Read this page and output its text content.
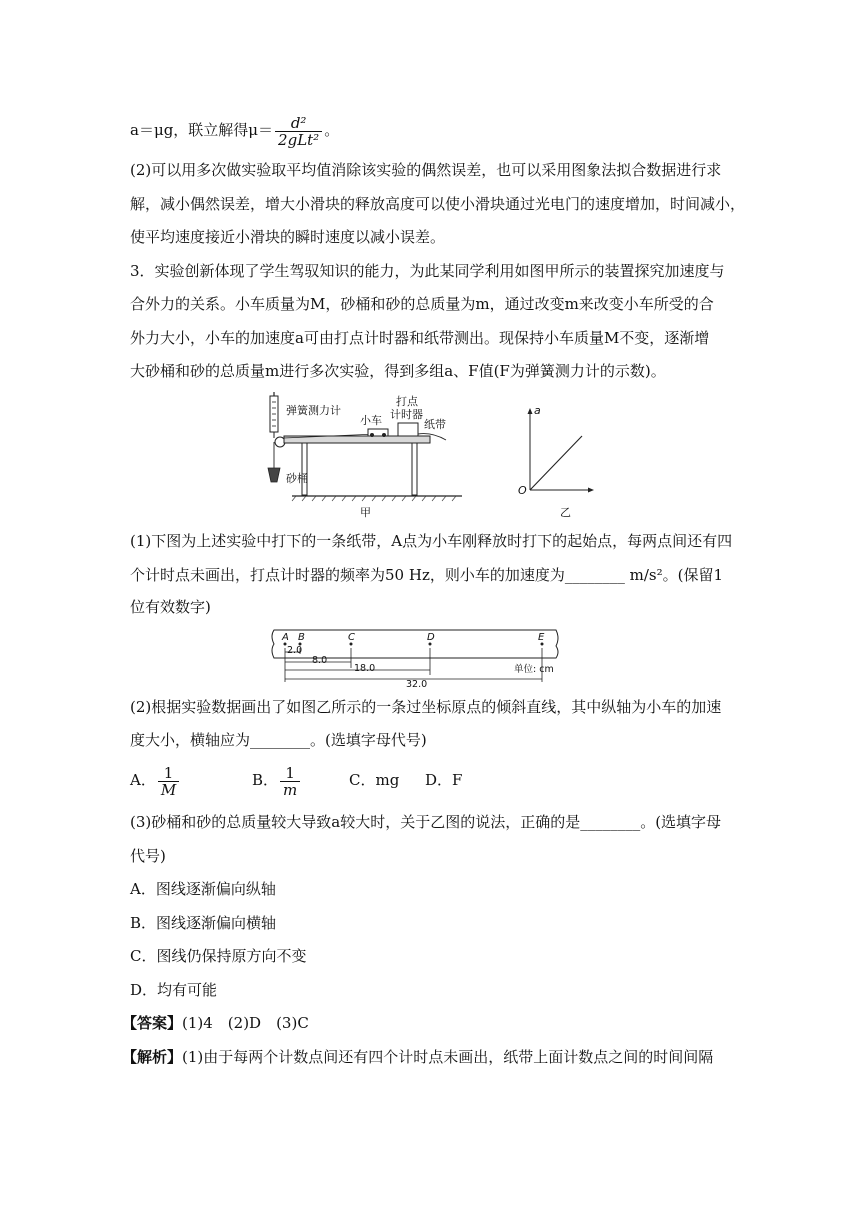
a＝μg，联立解得$\mu= \frac{\text{d²}}{\text{2gLt²}}$ 。
(2)可以用多次做实验取平均值消除该实验的偶然误差，也可以采用图象法拟合数据进行求
解，减小偶然误差，增大小滑块的释放高度可以使小滑块通过光电门的速度增加，时间减小，
使平均速度接近小滑块的瞬时速度以减小误差。
3．实验创新体现了学生驾驭知识的能力，为此某同学利用如图甲所示的装置探究加速度与
合外力的关系。小车质量为M，砂桶和砂的总质量为m，通过改变m来改变小车所受的合
外力大小，小车的加速度a可由打点计时器和纸带测出。现保持小车质量M不变，逐渐增
大砂桶和砂的总质量m进行多次实验，得到多组a、F值(F为弹簧测力计的示数)。
弹簧测力计
小车
打点
计时器
纸带
砂桶
甲
a
O
乙
(1)下图为上述实验中打下的一条纸带，A点为小车刚释放时打下的起始点，每两点间还有四
个计时点未画出，打点计时器的频率为50 Hz，则小车的加速度为________ m/s²。(保留1
位有效数字)
A B	C	D	E
2.0
8.0
18.0
32.0
单位: cm
(2)根据实验数据画出了如图乙所示的一条过坐标原点的倾斜直线，其中纵轴为小车的加速
度大小，横轴应为________。(选填字母代号)
A． $\frac{1}{M}$	B． $\frac{1}{m}$	C．mg D．F
(3)砂桶和砂的总质量较大导致a较大时，关于乙图的说法，正确的是________。(选填字母
代号)
A．图线逐渐偏向纵轴
B．图线逐渐偏向横轴
C．图线仍保持原方向不变
D．均有可能
【答案】(1)4　(2)D　(3)C
【解析】(1)由于每两个计数点间还有四个计时点未画出，纸带上面计数点之间的时间间隔
